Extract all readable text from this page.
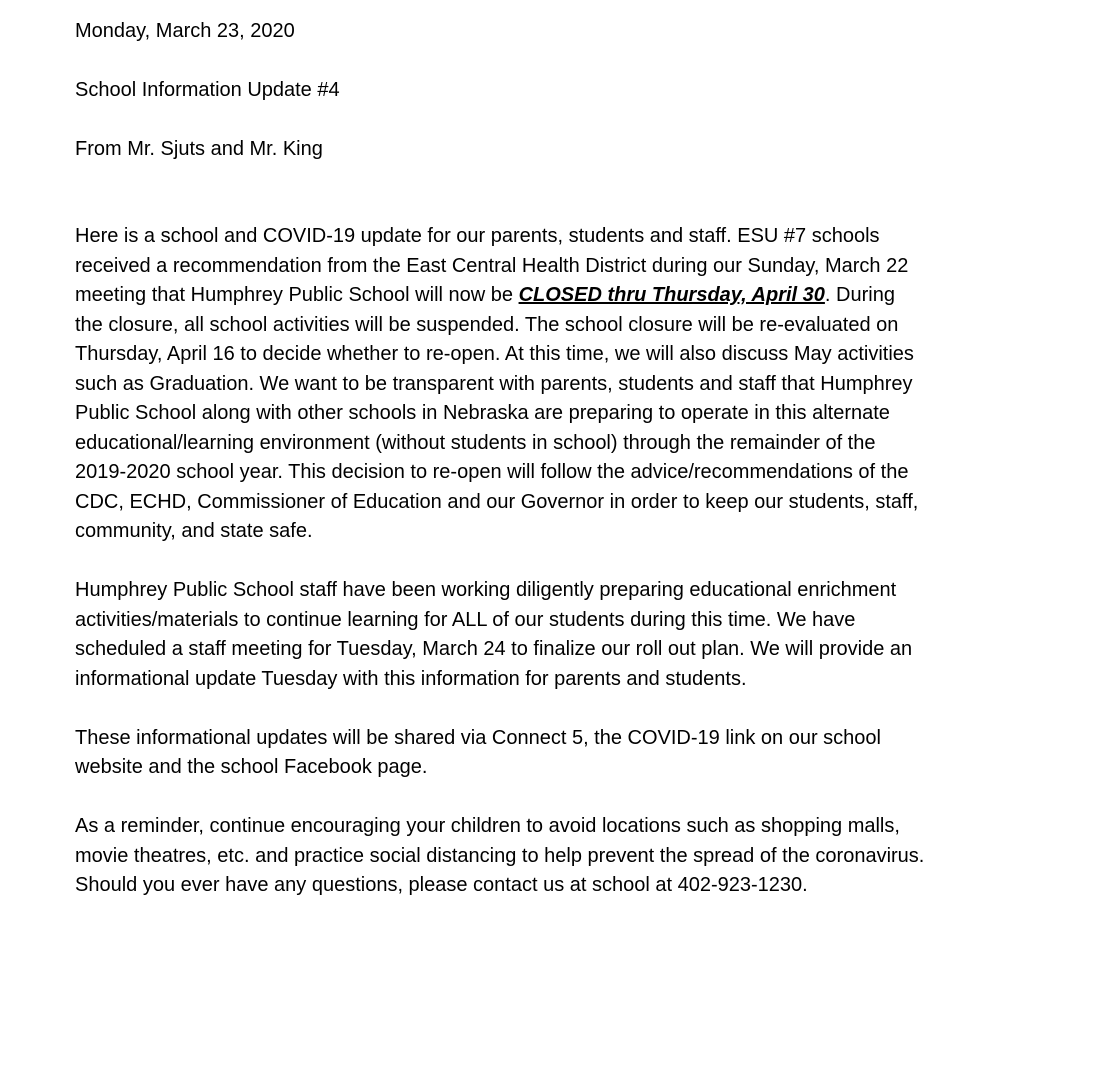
Monday, March 23, 2020

School Information Update #4

From Mr. Sjuts and Mr. King

Here is a school and COVID-19 update for our parents, students and staff. ESU #7 schools

received a recommendation from the East Central Health District during our Sunday, March 22

meeting that Humphrey Public School will now be CLOSED thru Thursday, April 30. During

the closure, all school activities will be suspended. The school closure will be re-evaluated on

Thursday, April 16 to decide whether to re-open. At this time, we will also discuss May activities

such as Graduation. We want to be transparent with parents, students and staff that Humphrey

Public School along with other schools in Nebraska are preparing to operate in this alternate

educational/learning environment (without students in school) through the remainder of the

2019-2020 school year. This decision to re-open will follow the advice/recommendations of the

CDC, ECHD, Commissioner of Education and our Governor in order to keep our students, staff,

community, and state safe.

Humphrey Public School staff have been working diligently preparing educational enrichment

activities/materials to continue learning for ALL of our students during this time. We have

scheduled a staff meeting for Tuesday, March 24 to finalize our roll out plan. We will provide an

informational update Tuesday with this information for parents and students.

These informational updates will be shared via Connect 5, the COVID-19 link on our school

website and the school Facebook page.

As a reminder, continue encouraging your children to avoid locations such as shopping malls,

movie theatres, etc. and practice social distancing to help prevent the spread of the coronavirus.

Should you ever have any questions, please contact us at school at 402-923-1230.
